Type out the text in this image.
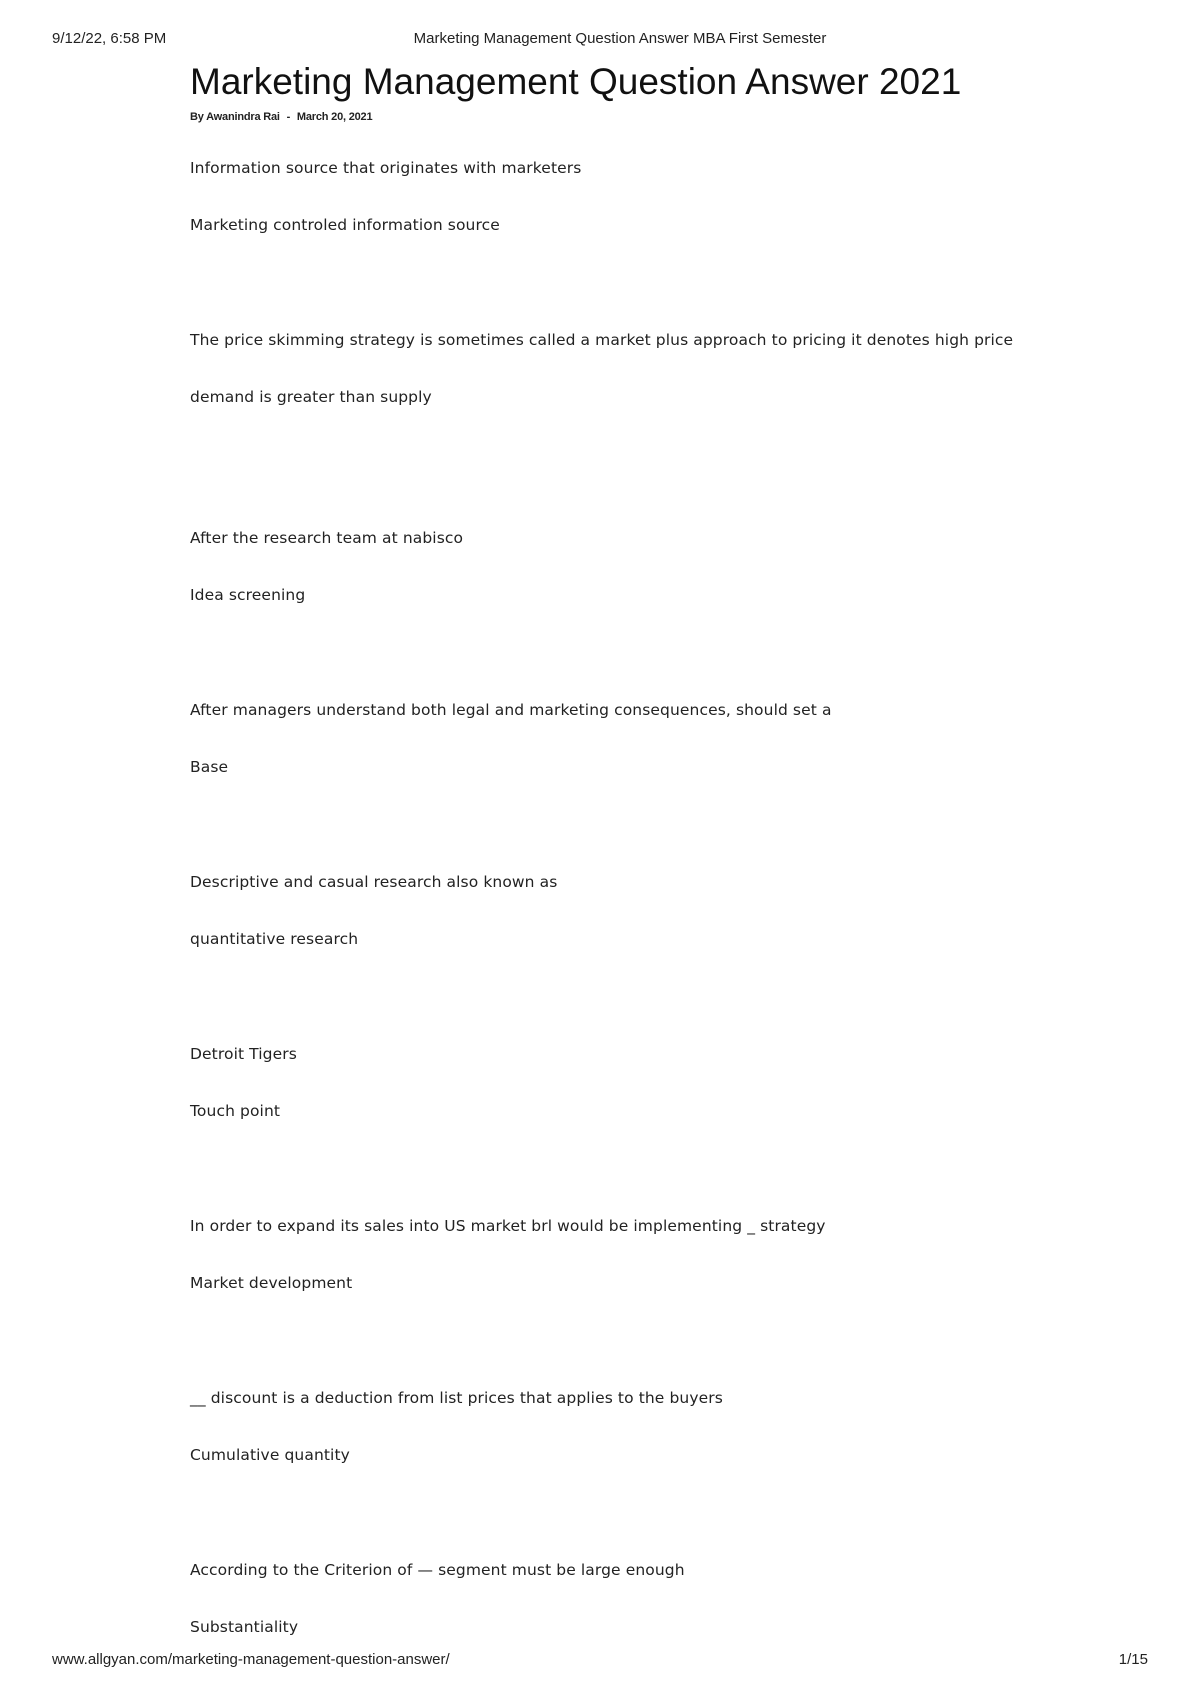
9/12/22, 6:58 PM	Marketing Management Question Answer MBA First Semester
Marketing Management Question Answer 2021
By Awanindra Rai - March 20, 2021

Information source that originates with marketers

Marketing controled information source

The price skimming strategy is sometimes called a market plus approach to pricing it denotes high price

demand is greater than supply

After the research team at nabisco

Idea screening

After managers understand both legal and marketing consequences, should set a

Base

Descriptive and casual research also known as

quantitative research

Detroit Tigers

Touch point

In order to expand its sales into US market brl would be implementing _ strategy

Market development

__ discount is a deduction from list prices that applies to the buyers

Cumulative quantity

According to the Criterion of — segment must be large enough

Substantiality

www.allgyan.com/marketing-management-question-answer/	1/15
